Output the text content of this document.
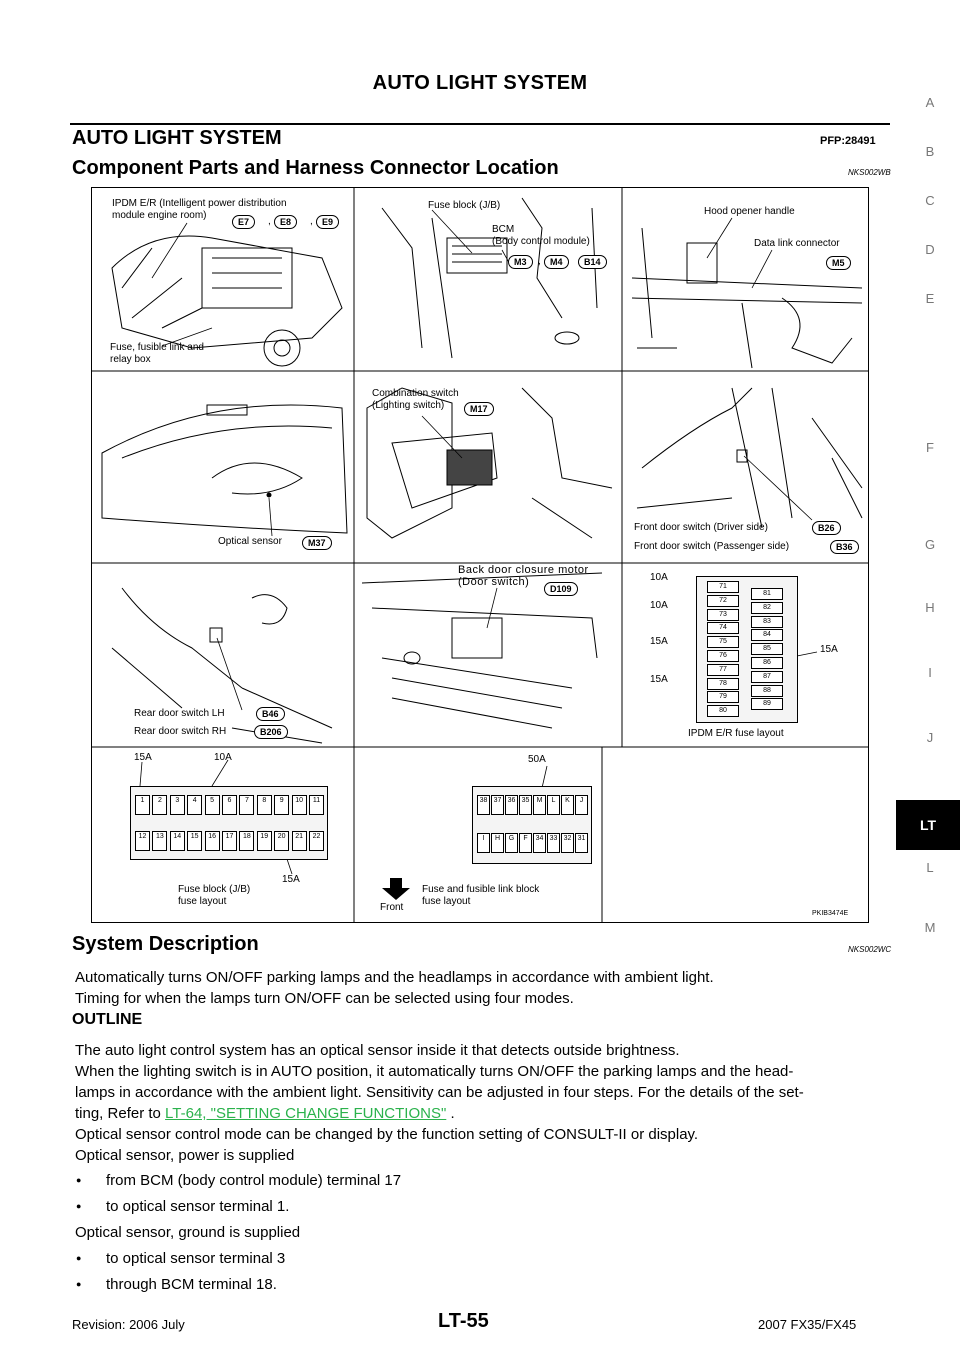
AUTO LIGHT SYSTEM
AUTO LIGHT SYSTEM	PFP:28491
Component Parts and Harness Connector Location	NKS002WB
A
B
C
D
E
F
G
H
I
J
LT
L
M
IPDM E/R (Intelligent power distribution
module engine room)
E7	,	E8	,	E9
Fuse, fusible link and
relay box
Fuse block (J/B)
BCM
(Body control module)
M3	,	M4	B14
Hood opener handle
Data link connector
M5
Optical sensor	M37
Combination switch
(Lighting switch)	M17
Front door switch (Driver side)	B26
Front door switch (Passenger side)	B36
Rear door switch LH	B46
Rear door switch RH	B206
Back door closure motor
(Door switch)
D109
10A
10A
15A
15A
15A
71
72
73
74
75
76
77
78
79
80
81
82
83
84
85
86
87
88
89
IPDM E/R fuse layout
15A	10A
1	2	3	4	5	6	7	8	9	10	11
12	13	14	15	16	17	18	19	20	21	22
15A
Fuse block (J/B)
fuse layout
50A
38 37 36 35	M	L	K	J
I	H	G	F	34 33 32 31
Front
Fuse and fusible link block
fuse layout
PKIB3474E
System Description	NKS002WC
Automatically turns ON/OFF parking lamps and the headlamps in accordance with ambient light.
Timing for when the lamps turn ON/OFF can be selected using four modes.
OUTLINE
The auto light control system has an optical sensor inside it that detects outside brightness.
When the lighting switch is in AUTO position, it automatically turns ON/OFF the parking lamps and the head-
lamps in accordance with the ambient light. Sensitivity can be adjusted in four steps. For the details of the set-
ting, Refer to LT-64, "SETTING CHANGE FUNCTIONS" .
Optical sensor control mode can be changed by the function setting of CONSULT-II or display.
Optical sensor, power is supplied
● from BCM (body control module) terminal 17
● to optical sensor terminal 1.
Optical sensor, ground is supplied
● to optical sensor terminal 3
● through BCM terminal 18.
Revision: 2006 July	LT-55	2007 FX35/FX45
